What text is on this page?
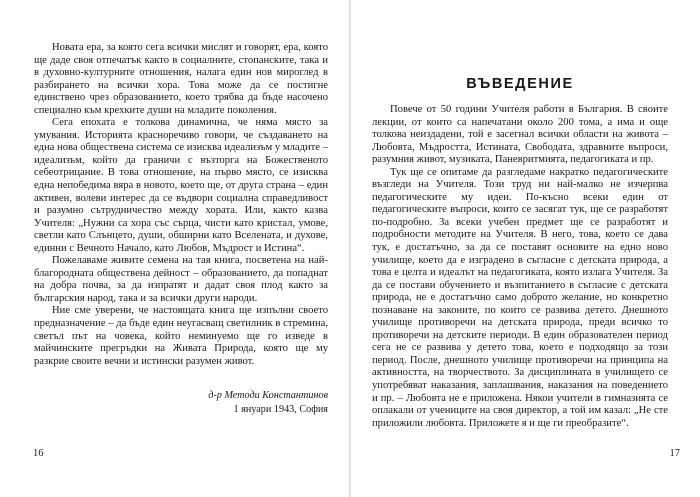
Новата ера, за която сега всички мислят и говорят, ера, която ще даде своя отпечатък както в социалните, стопанските, така и в духовно-културните отношения, налага един нов мироглед в разбирането на всички хора. Това може да се постигне единствено чрез образованието, което трябва да бъде насочено специално към крехките души на младите поколения.

Сега епохата е толкова динамична, че няма място за умувания. Историята красноречиво говори, че създаването на една нова обществена система се изисква идеализъм у младите – идеализъм, който да граничи с възторга на Божественото себеотрицание. В това отношение, на първо място, се изисква една непобедима вяра в новото, което ще, от друга страна – един активен, волеви интерес да се въдвори социална справедливост и разумно сътрудничество между хората. Или, както казва Учителя: „Нужни са хора със сърца, чисти като кристал, умове, светли като Слънцето, души, обширни като Вселената, и духове, единни с Вечното Начало, като Любов, Мъдрост и Истина“.

Пожелаваме живите семена на тая книга, посветена на най-благородната обществена дейност – образованието, да попаднат на добра почва, за да изпратят и дадат своя плод както за българския народ, така и за всички други народи.

Ние сме уверени, че настоящата книга ще изпълни своето предназначение – да бъде един неугасващ светилник в стремина, светъл път на човека, който неминуемо ще го изведе в майчинските прегръдки на Живата Природа, която ще му разкрие своите вечни и истински разумен живот.

д-р Методи Константинов
1 януари 1943, София
16
ВЪВЕДЕНИЕ

Повече от 50 години Учителя работи в България. В своите лекции, от които са напечатани около 200 тома, а има и още толкова неиздадени, той е засегнал всички области на живота – Любовта, Мъдростта, Истината, Свободата, здравните въпроси, разумния живот, музиката, Паневритмията, педагогиката и пр.

Тук ще се опитаме да разгледаме накратко педагогическите възгледи на Учителя. Този труд ни най-малко не изчерпва педагогическите му идеи. По-късно всеки един от педагогическите въпроси, които се засягат тук, ще се разработят по-подробно. За всеки учебен предмет ще се разработят и подробности методите на Учителя. В него, това, което се дава тук, е достатъчно, за да се поставят основите на едно ново училище, което да е изградено в съгласие с детската природа, а това е целта и идеалът на педагогиката, която излага Учителя. За да се постави обучението и възпитанието в съгласие с детската природа, не е достатъчно само доброто желание, но конкретно познаване на законите, по които се развива детето. Днешното училище противоречи на детската природа, преди всичко то противоречи на детските периоди. В един образователен период сега не се развива у детето това, което е подходящо за този период. После, днешното училище противоречи на принципа на активността, на творчеството. За дисциплината в училището се употребяват наказания, заплашвания, наказания на поведението и пр. – Любовта не е приложена. Някои учители в гимназията се оплакали от учениците на своя директор, а той им казал: „Не сте приложили любовта. Приложете я и ще ги преобразите“.

17
